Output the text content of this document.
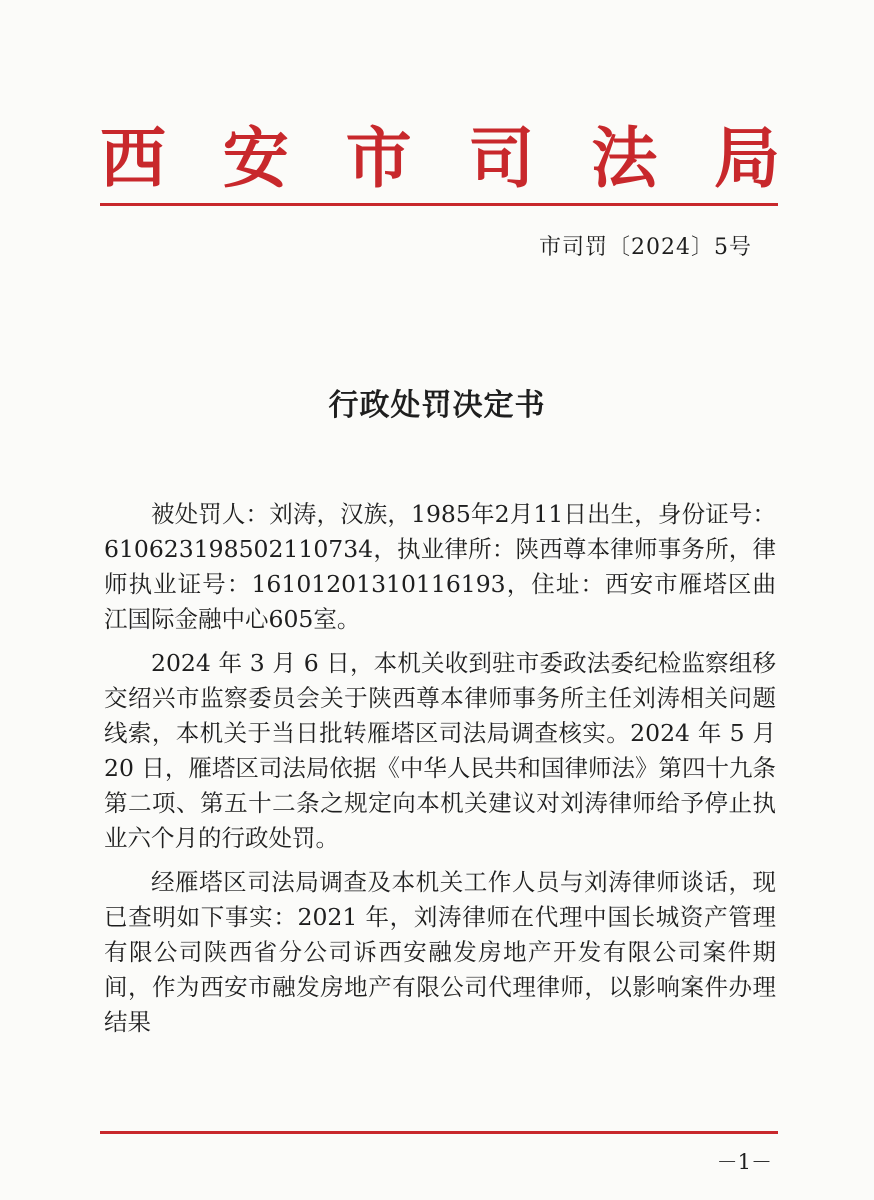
西 安 市 司 法 局
市司罚〔2024〕5号
行政处罚决定书

被处罚人：刘涛，汉族，1985年2月11日出生，身份证号：610623198502110734，执业律所：陕西尊本律师事务所，律师执业证号：16101201310116193，住址：西安市雁塔区曲江国际金融中心605室。

2024 年 3 月 6 日，本机关收到驻市委政法委纪检监察组移交绍兴市监察委员会关于陕西尊本律师事务所主任刘涛相关问题线索，本机关于当日批转雁塔区司法局调查核实。2024 年 5 月 20 日，雁塔区司法局依据《中华人民共和国律师法》第四十九条第二项、第五十二条之规定向本机关建议对刘涛律师给予停止执业六个月的行政处罚。

经雁塔区司法局调查及本机关工作人员与刘涛律师谈话，现已查明如下事实：2021 年，刘涛律师在代理中国长城资产管理有限公司陕西省分公司诉西安融发房地产开发有限公司案件期间，作为西安市融发房地产有限公司代理律师，以影响案件办理结果

－1－
